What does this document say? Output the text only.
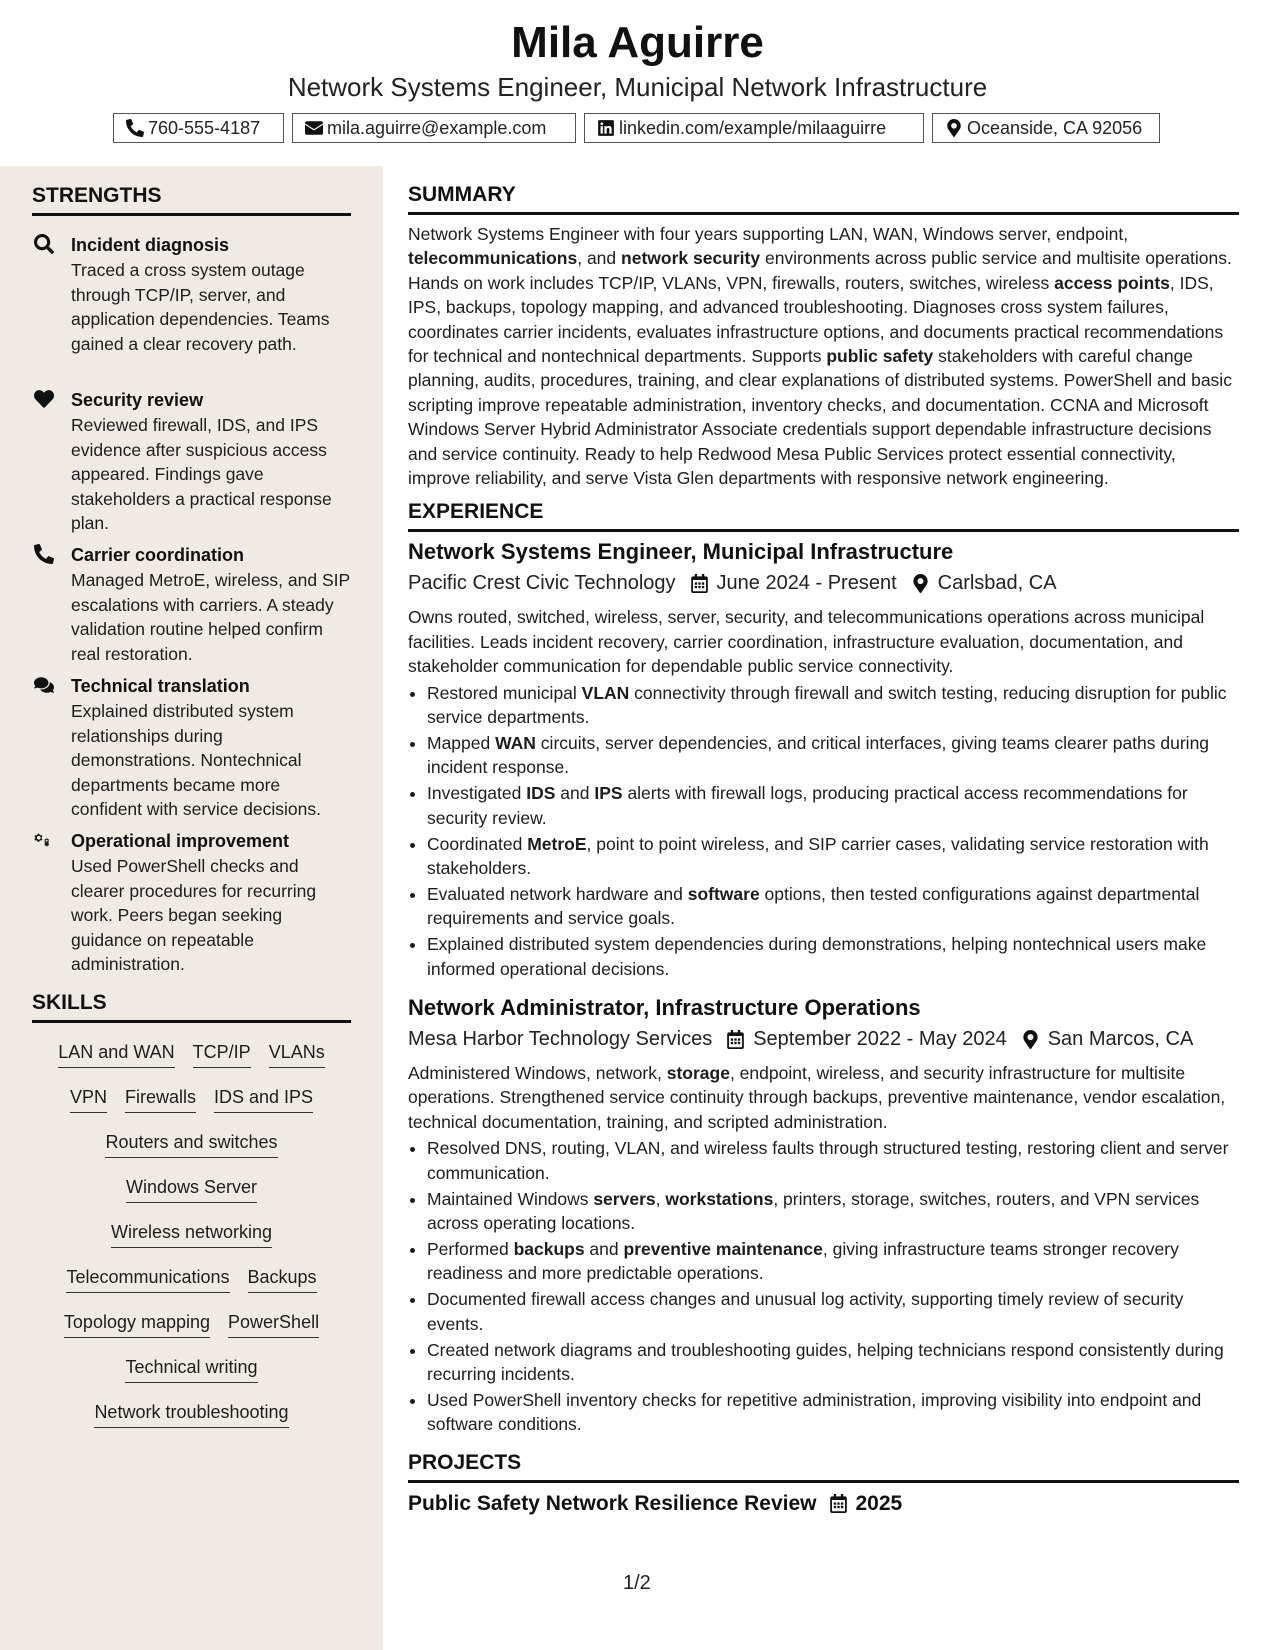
Mila Aguirre
Network Systems Engineer, Municipal Network Infrastructure
760-555-4187	mila.aguirre@example.com	linkedin.com/example/milaaguirre	Oceanside, CA 92056
STRENGTHS
Incident diagnosis
Traced a cross system outage through TCP/IP, server, and application dependencies. Teams gained a clear recovery path.
Security review
Reviewed firewall, IDS, and IPS evidence after suspicious access appeared. Findings gave stakeholders a practical response plan.
Carrier coordination
Managed MetroE, wireless, and SIP escalations with carriers. A steady validation routine helped confirm real restoration.
Technical translation
Explained distributed system relationships during demonstrations. Nontechnical departments became more confident with service decisions.
Operational improvement
Used PowerShell checks and clearer procedures for recurring work. Peers began seeking guidance on repeatable administration.
SKILLS
LAN and WAN TCP/IP VLANs
VPN Firewalls IDS and IPS
Routers and switches
Windows Server
Wireless networking
Telecommunications Backups
Topology mapping PowerShell
Technical writing
Network troubleshooting
SUMMARY

Network Systems Engineer with four years supporting LAN, WAN, Windows server, endpoint, telecommunications, and network security environments across public service and multisite operations. Hands on work includes TCP/IP, VLANs, VPN, firewalls, routers, switches, wireless access points, IDS, IPS, backups, topology mapping, and advanced troubleshooting. Diagnoses cross system failures, coordinates carrier incidents, evaluates infrastructure options, and documents practical recommendations for technical and nontechnical departments. Supports public safety stakeholders with careful change planning, audits, procedures, training, and clear explanations of distributed systems. PowerShell and basic scripting improve repeatable administration, inventory checks, and documentation. CCNA and Microsoft Windows Server Hybrid Administrator Associate credentials support dependable infrastructure decisions and service continuity. Ready to help Redwood Mesa Public Services protect essential connectivity, improve reliability, and serve Vista Glen departments with responsive network engineering.

EXPERIENCE
Network Systems Engineer, Municipal Infrastructure
Pacific Crest Civic Technology June 2024 - Present Carlsbad, CA

Owns routed, switched, wireless, server, security, and telecommunications operations across municipal facilities. Leads incident recovery, carrier coordination, infrastructure evaluation, documentation, and stakeholder communication for dependable public service connectivity.

• Restored municipal VLAN connectivity through firewall and switch testing, reducing disruption for public service departments.
• Mapped WAN circuits, server dependencies, and critical interfaces, giving teams clearer paths during incident response.
• Investigated IDS and IPS alerts with firewall logs, producing practical access recommendations for security review.
• Coordinated MetroE, point to point wireless, and SIP carrier cases, validating service restoration with stakeholders.
• Evaluated network hardware and software options, then tested configurations against departmental requirements and service goals.
• Explained distributed system dependencies during demonstrations, helping nontechnical users make informed operational decisions.
Network Administrator, Infrastructure Operations
Mesa Harbor Technology Services September 2022 - May 2024 San Marcos, CA

Administered Windows, network, storage, endpoint, wireless, and security infrastructure for multisite operations. Strengthened service continuity through backups, preventive maintenance, vendor escalation, technical documentation, training, and scripted administration.

• Resolved DNS, routing, VLAN, and wireless faults through structured testing, restoring client and server communication.
• Maintained Windows servers, workstations, printers, storage, switches, routers, and VPN services across operating locations.
• Performed backups and preventive maintenance, giving infrastructure teams stronger recovery readiness and more predictable operations.
• Documented firewall access changes and unusual log activity, supporting timely review of security events.
• Created network diagrams and troubleshooting guides, helping technicians respond consistently during recurring incidents.
• Used PowerShell inventory checks for repetitive administration, improving visibility into endpoint and software conditions.
PROJECTS
Public Safety Network Resilience Review 2025
1/2
